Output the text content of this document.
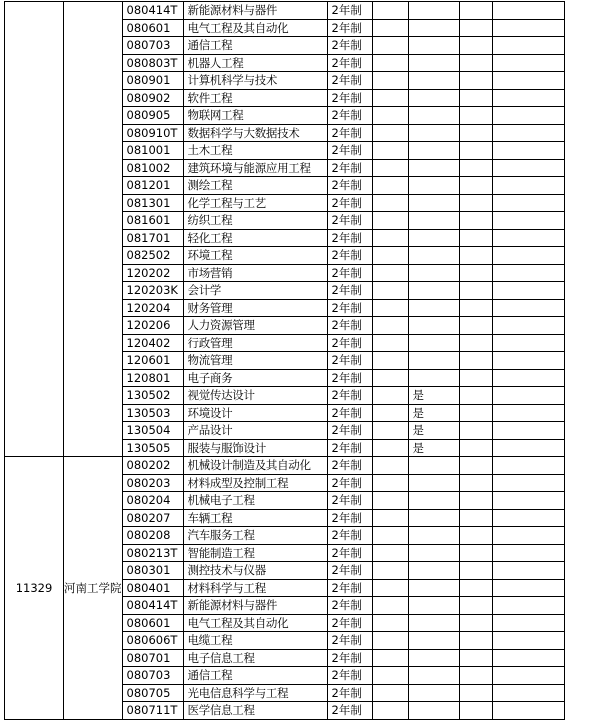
		080414T	新能源材料与器件	2年制				
		080601	电气工程及其自动化	2年制				
		080703	通信工程	2年制				
		080803T	机器人工程	2年制				
		080901	计算机科学与技术	2年制				
		080902	软件工程	2年制				
		080905	物联网工程	2年制				
		080910T	数据科学与大数据技术	2年制				
		081001	土木工程	2年制				
		081002	建筑环境与能源应用工程	2年制				
		081201	测绘工程	2年制				
		081301	化学工程与工艺	2年制				
		081601	纺织工程	2年制				
		081701	轻化工程	2年制				
		082502	环境工程	2年制				
		120202	市场营销	2年制				
		120203K	会计学	2年制				
		120204	财务管理	2年制				
		120206	人力资源管理	2年制				
		120402	行政管理	2年制				
		120601	物流管理	2年制				
		120801	电子商务	2年制				
		130502	视觉传达设计	2年制		是		
		130503	环境设计	2年制		是		
		130504	产品设计	2年制		是		
		130505	服装与服饰设计	2年制		是		
11329	河南工学院	080202	机械设计制造及其自动化	2年制				
		080203	材料成型及控制工程	2年制				
		080204	机械电子工程	2年制				
		080207	车辆工程	2年制				
		080208	汽车服务工程	2年制				
		080213T	智能制造工程	2年制				
		080301	测控技术与仪器	2年制				
		080401	材料科学与工程	2年制				
		080414T	新能源材料与器件	2年制				
		080601	电气工程及其自动化	2年制				
		080606T	电缆工程	2年制				
		080701	电子信息工程	2年制				
		080703	通信工程	2年制				
		080705	光电信息科学与工程	2年制				
		080711T	医学信息工程	2年制				
